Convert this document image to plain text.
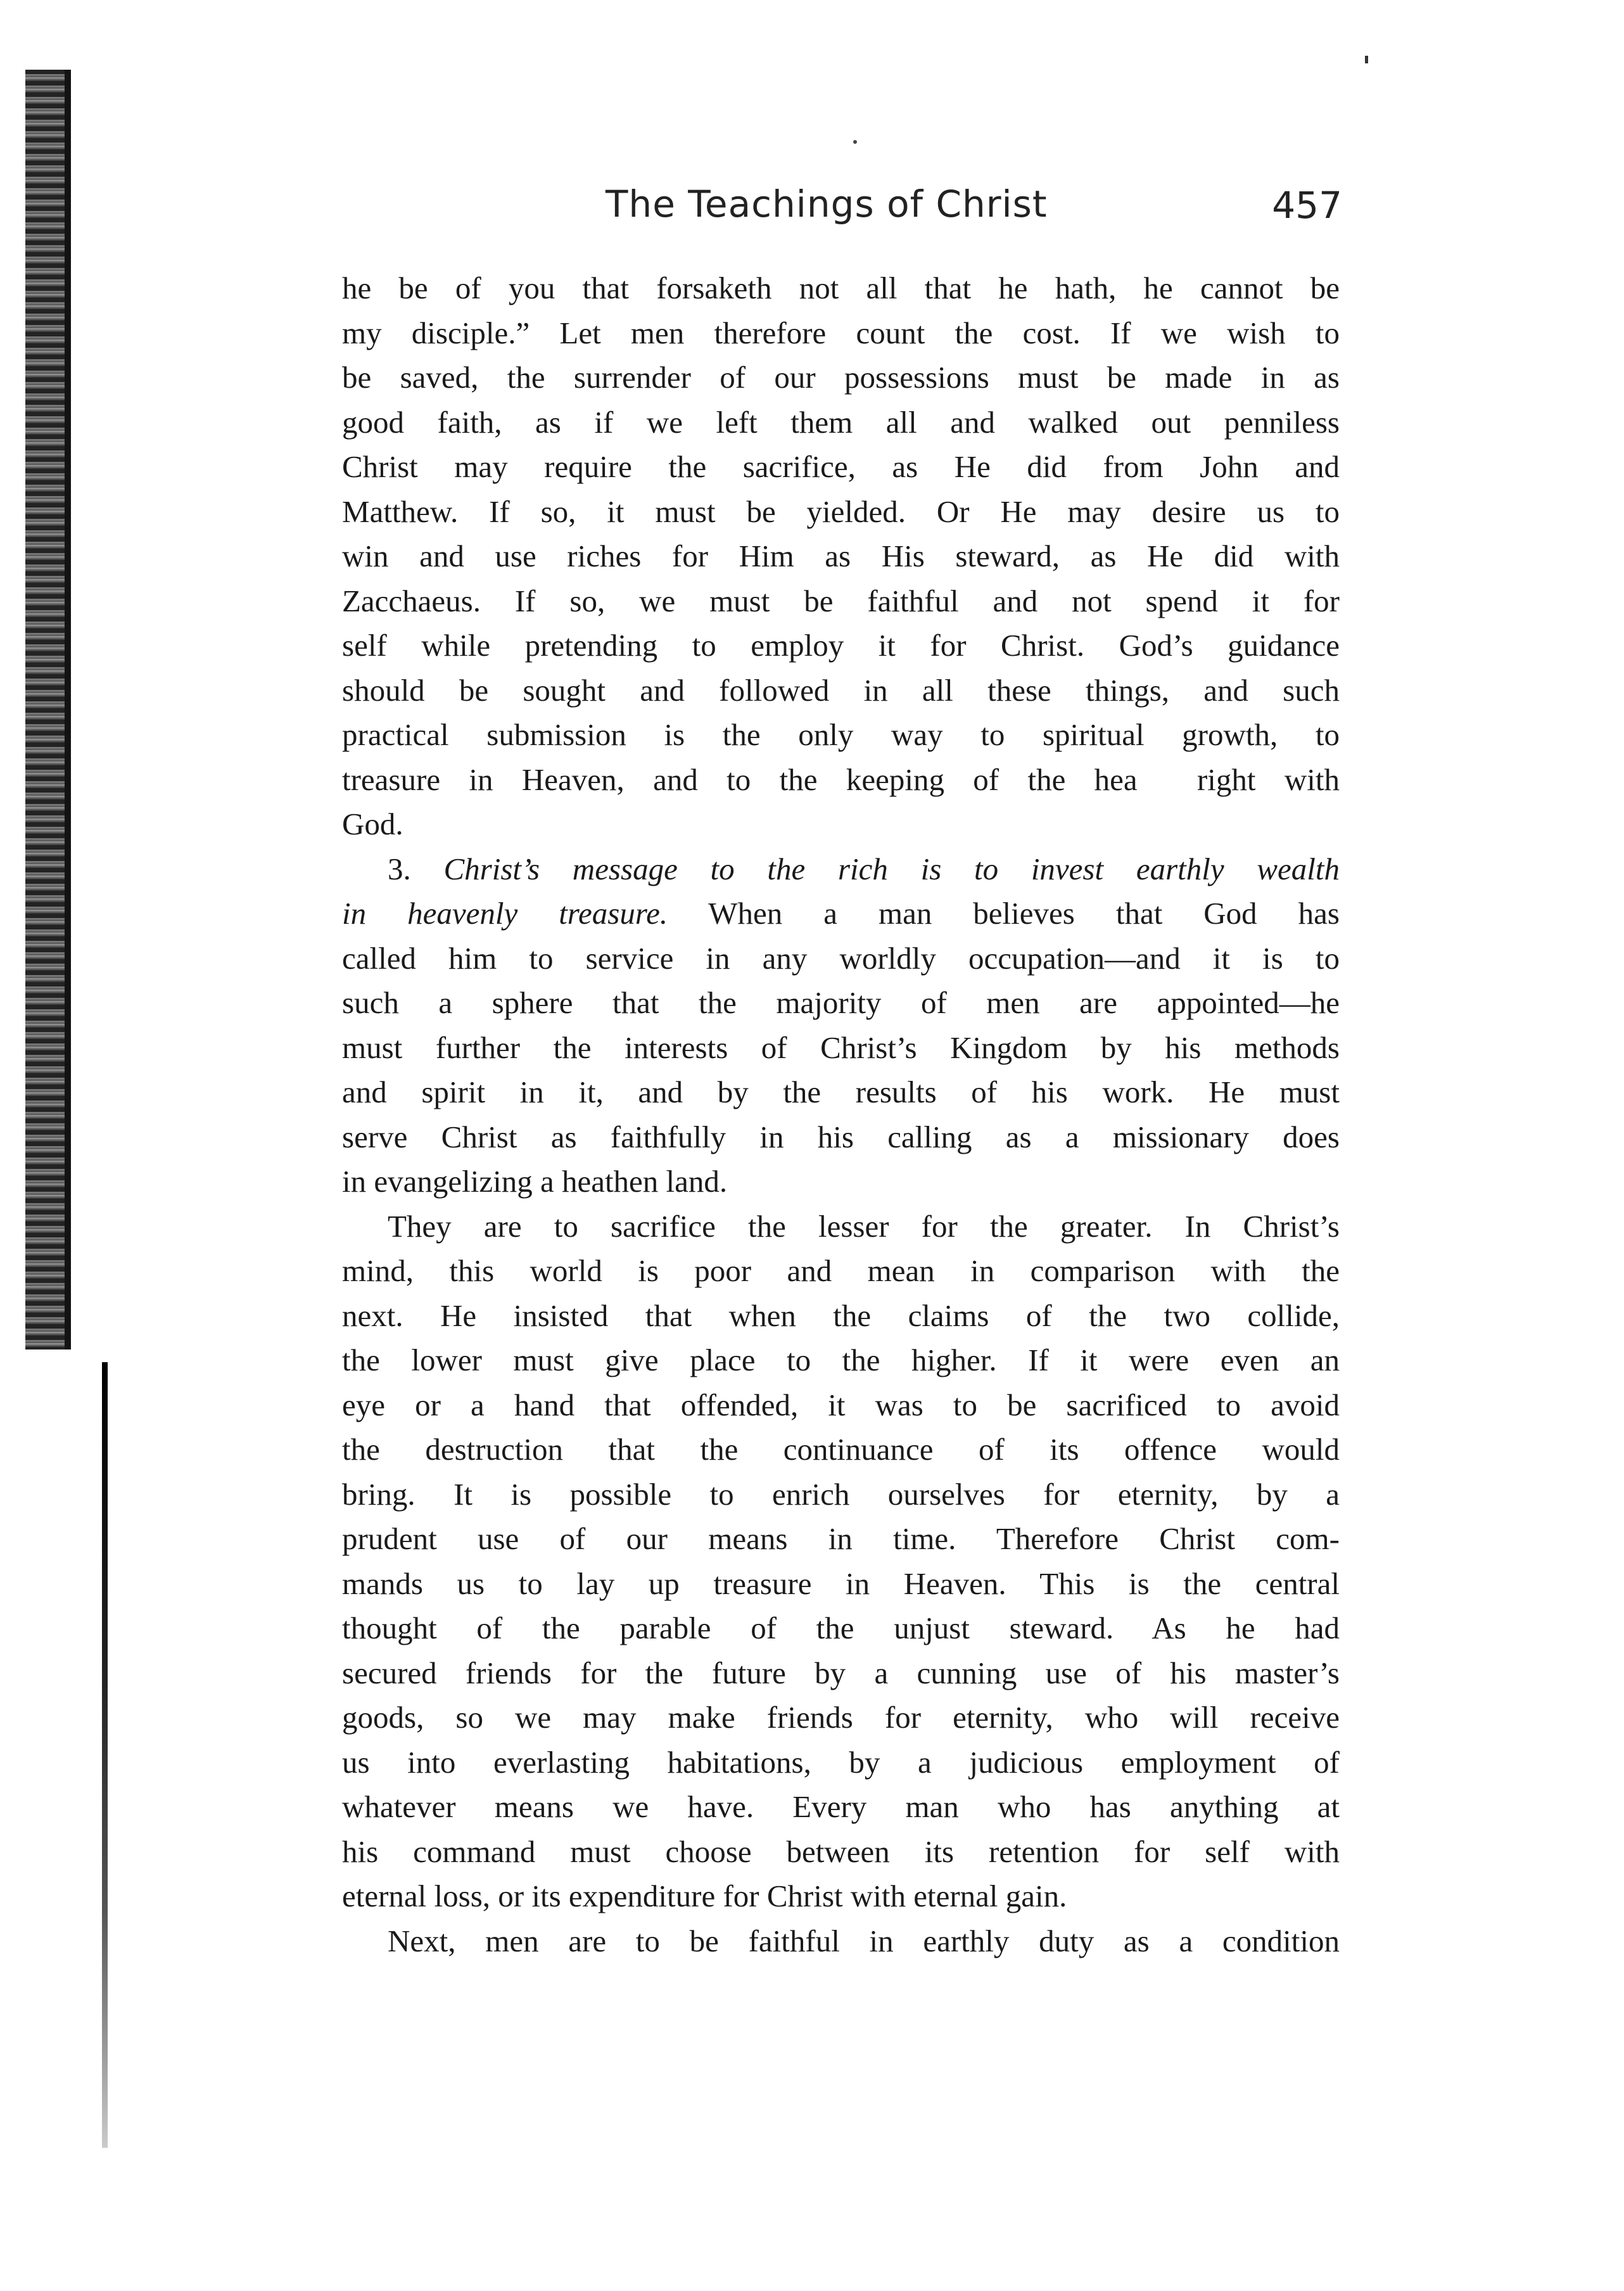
The Teachings of Christ	457
he be of you that forsaketh not all that he hath, he cannot be
my disciple.” Let men therefore count the cost. If we wish to
be saved, the surrender of our possessions must be made in as
good faith, as if we left them all and walked out penniless
Christ may require the sacrifice, as He did from John and
Matthew. If so, it must be yielded. Or He may desire us to
win and use riches for Him as His steward, as He did with
Zacchaeus. If so, we must be faithful and not spend it for
self while pretending to employ it for Christ. God’s guidance
should be sought and followed in all these things, and such
practical submission is the only way to spiritual growth, to
treasure in Heaven, and to the keeping of the hea  right with
God.
3. Christ’s message to the rich is to invest earthly wealth
in heavenly treasure. When a man believes that God has
called him to service in any worldly occupation—and it is to
such a sphere that the majority of men are appointed—he
must further the interests of Christ’s Kingdom by his methods
and spirit in it, and by the results of his work. He must
serve Christ as faithfully in his calling as a missionary does
in evangelizing a heathen land.
They are to sacrifice the lesser for the greater. In Christ’s
mind, this world is poor and mean in comparison with the
next. He insisted that when the claims of the two collide,
the lower must give place to the higher. If it were even an
eye or a hand that offended, it was to be sacrificed to avoid
the destruction that the continuance of its offence would
bring. It is possible to enrich ourselves for eternity, by a
prudent use of our means in time. Therefore Christ com-
mands us to lay up treasure in Heaven. This is the central
thought of the parable of the unjust steward. As he had
secured friends for the future by a cunning use of his master’s
goods, so we may make friends for eternity, who will receive
us into everlasting habitations, by a judicious employment of
whatever means we have. Every man who has anything at
his command must choose between its retention for self with
eternal loss, or its expenditure for Christ with eternal gain.
Next, men are to be faithful in earthly duty as a condition
